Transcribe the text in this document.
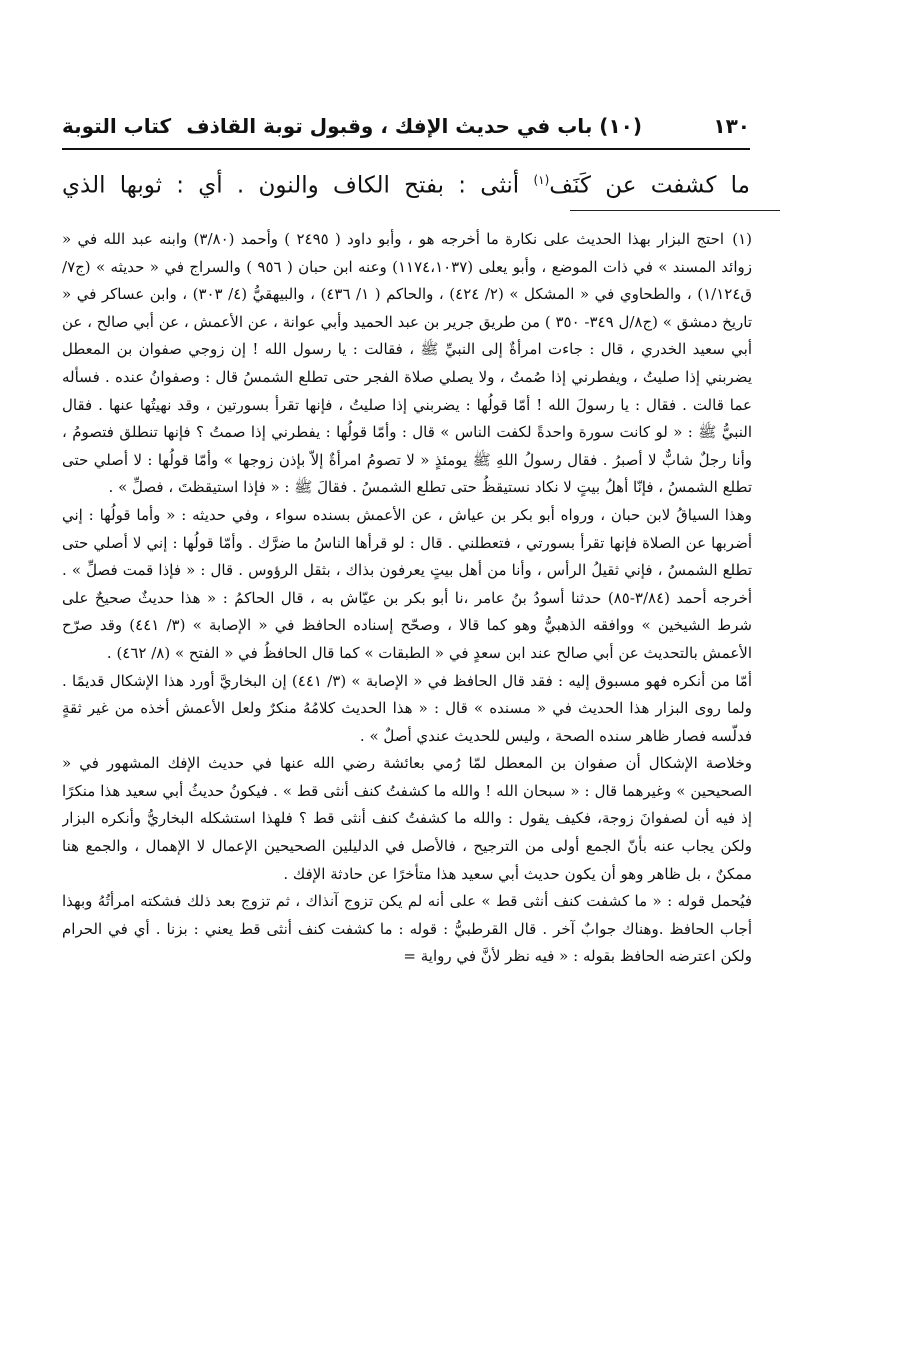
١٣٠
(١٠) باب في حديث الإفك ، وقبول توبة القاذف
كتاب التوبة
ما كشفت عن كَنَف$^{(١)}$ أنثى : بفتح الكاف والنون . أي : ثوبها الذي

(١)احتج البزار بهذا الحديث على نكارة ما أخرجه هو ، وأبو داود ( ٢٤٩٥ ) وأحمد (٣/٨٠) وابنه عبد الله في « زوائد المسند » في ذات الموضع ، وأبو يعلى (١١٧٤،١٠٣٧) وعنه ابن حبان ( ٩٥٦ ) والسراج في « حديثه » (ج٧/ق١/١٢٤) ، والطحاوي في « المشكل » (٢/ ٤٢٤) ، والحاكم ( ١/ ٤٣٦) ، والبيهقيُّ (٤/ ٣٠٣) ، وابن عساكر في « تاريخ دمشق » (ج٨/ل ٣٤٩- ٣٥٠ ) من طريق جرير بن عبد الحميد وأبي عوانة ، عن الأعمش ، عن أبي صالح ، عن أبي سعيد الخدري ، قال : جاءت امرأةٌ إلى النبيِّ ﷺ ، فقالت : يا رسول الله ! إن زوجي صفوان بن المعطل يضربني إذا صليتُ ، ويفطرني إذا صُمتُ ، ولا يصلي صلاة الفجر حتى تطلع الشمسُ قال : وصفوانُ عنده . فسأله عما قالت . فقال : يا رسولَ الله ! أمّا قولُها : يضربني إذا صليتُ ، فإنها تقرأ بسورتين ، وقد نهيتُها عنها . فقال النبيُّ ﷺ : « لو كانت سورة واحدةً لكفت الناس » قال : وأمّا قولُها : يفطرني إذا صمتُ ؟ فإنها تنطلق فتصومُ ، وأنا رجلٌ شابٌّ لا أصبرُ . فقال رسولُ اللهِ ﷺ يومئذٍ « لا تصومُ امرأةٌ إلاّ بإذن زوجها » وأمّا قولُها : لا أصلي حتى تطلع الشمسُ ، فإنّا أهلُ بيتٍ لا نكاد نستيقظُ حتى تطلع الشمسُ . فقالَ ﷺ : « فإذا استيقظتَ ، فصلِّ » .

وهذا السياقُ لابن حبان ، ورواه أبو بكر بن عياش ، عن الأعمش بسنده سواء ، وفي حديثه : « وأما قولُها : إني أضربها عن الصلاة فإنها تقرأ بسورتي ، فتعطلني . قال : لو قرأها الناسُ ما ضرَّك . وأمّا قولُها : إني لا أصلي حتى تطلع الشمسُ ، فإني ثقيلُ الرأس ، وأنا من أهل بيتٍ يعرفون بذاك ، بثقل الرؤوس . قال : « فإذا قمت فصلِّ » . أخرجه أحمد (٣/٨٤-٨٥) حدثنا أسودُ بنُ عامر ،نا أبو بكر بن عيّاش به ، قال الحاكمُ : « هذا حديثٌ صحيحٌ على شرط الشيخين » ووافقه الذهبيُّ وهو كما قالا ، وصحّح إسناده الحافظ في « الإصابة » (٣/ ٤٤١) وقد صرّح الأعمش بالتحديث عن أبي صالح عند ابن سعدٍ في « الطبقات » كما قال الحافظُ في « الفتح » (٨/ ٤٦٢) .

أمّا من أنكره فهو مسبوق إليه : فقد قال الحافظ في « الإصابة » (٣/ ٤٤١) إن البخاريَّ أورد هذا الإشكال قديمًا . ولما روى البزار هذا الحديث في « مسنده » قال : « هذا الحديث كلامُهُ منكرٌ ولعل الأعمش أخذه من غير ثقةٍ فدلّسه فصار ظاهر سنده الصحة ، وليس للحديث عندي أصلٌ » .

وخلاصة الإشكال أن صفوان بن المعطل لمّا رُمي بعائشة رضي الله عنها في حديث الإفك المشهور في « الصحيحين » وغيرهما قال : « سبحان الله ! والله ما كشفتُ كنف أنثى قط » . فيكونُ حديثُ أبي سعيد هذا منكرًا إذ فيه أن لصفوانَ زوجة، فكيف يقول : والله ما كشفتُ كنف أنثى قط ؟ فلهذا استشكله البخاريُّ وأنكره البزار ولكن يجاب عنه بأنّ الجمع أولى من الترجيح ، فالأصل في الدليلين الصحيحين الإعمال لا الإهمال ، والجمع هنا ممكنٌ ، بل ظاهر وهو أن يكون حديث أبي سعيد هذا متأخرًا عن حادثة الإفك .

فيُحمل قوله : « ما كشفت كنف أنثى قط » على أنه لم يكن تزوج آنذاك ، ثم تزوج بعد ذلك فشكته امرأتُهُ وبهذا أجاب الحافظ .وهناك جوابٌ آخر . قال القرطبيُّ : قوله : ما كشفت كنف أنثى قط يعني : بزنا . أي في الحرام ولكن اعترضه الحافظ بقوله : « فيه نظر لأنَّ في رواية =
